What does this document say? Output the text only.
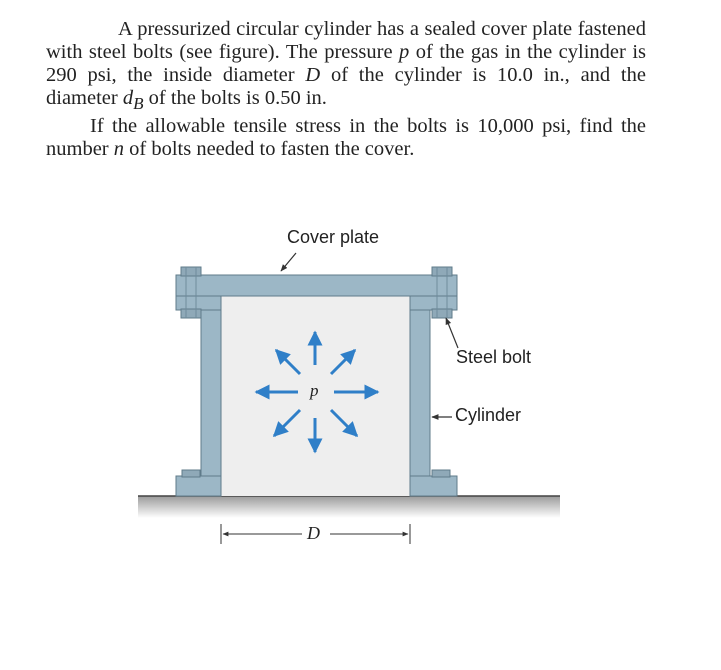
A pressurized circular cylinder has a sealed cover plate fastened with steel bolts (see figure). The pressure p of the gas in the cylinder is 290 psi, the inside diameter D of the cylinder is 10.0 in., and the diameter $d_B$ of the bolts is 0.50 in.

If the allowable tensile stress in the bolts is 10,000 psi, find the number n of bolts needed to fasten the cover.

Cover plate
Steel bolt
Cylinder
p
D
